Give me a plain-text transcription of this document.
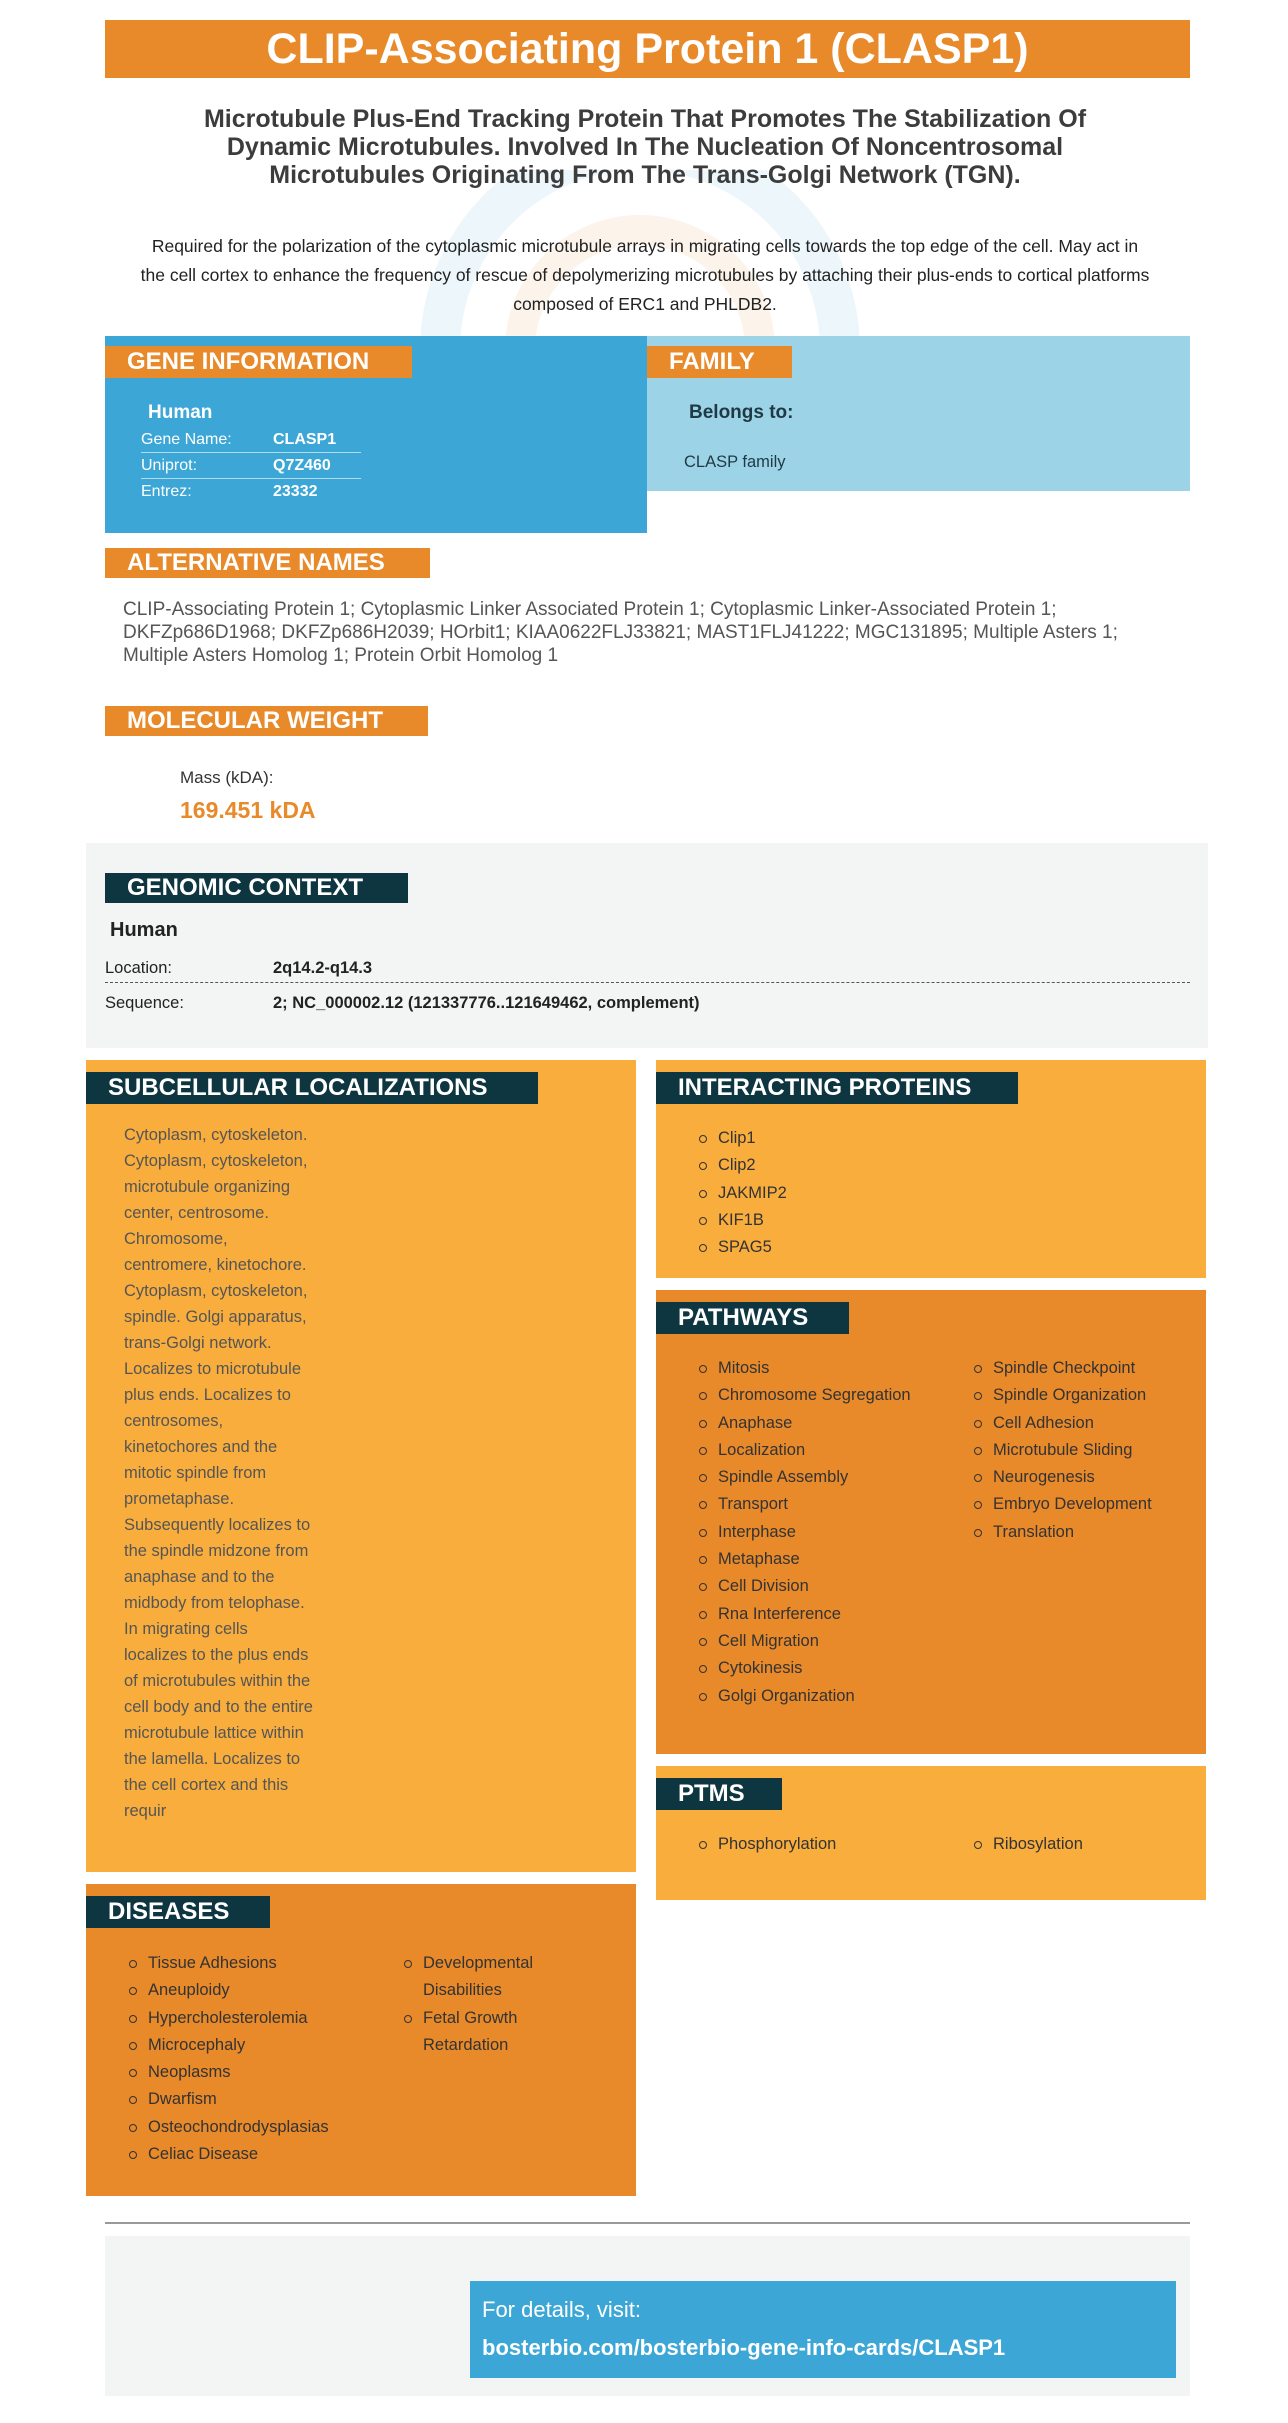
CLIP-Associating Protein 1 (CLASP1)
Microtubule Plus-End Tracking Protein That Promotes The Stabilization Of Dynamic Microtubules. Involved In The Nucleation Of Noncentrosomal Microtubules Originating From The Trans-Golgi Network (TGN).
Required for the polarization of the cytoplasmic microtubule arrays in migrating cells towards the top edge of the cell. May act in the cell cortex to enhance the frequency of rescue of depolymerizing microtubules by attaching their plus-ends to cortical platforms composed of ERC1 and PHLDB2.
GENE INFORMATION
Human
Gene Name:	CLASP1
Uniprot:	Q7Z460
Entrez:	23332
FAMILY
Belongs to:
CLASP family
ALTERNATIVE NAMES
CLIP-Associating Protein 1; Cytoplasmic Linker Associated Protein 1; Cytoplasmic Linker-Associated Protein 1; DKFZp686D1968; DKFZp686H2039; HOrbit1; KIAA0622FLJ33821; MAST1FLJ41222; MGC131895; Multiple Asters 1; Multiple Asters Homolog 1; Protein Orbit Homolog 1
MOLECULAR WEIGHT
Mass (kDA):
169.451 kDA
GENOMIC CONTEXT
Human
Location:	2q14.2-q14.3
Sequence:	2; NC_000002.12 (121337776..121649462, complement)
SUBCELLULAR LOCALIZATIONS
Cytoplasm, cytoskeleton.
Cytoplasm, cytoskeleton,
microtubule organizing
center, centrosome.
Chromosome,
centromere, kinetochore.
Cytoplasm, cytoskeleton,
spindle. Golgi apparatus,
trans-Golgi network.
Localizes to microtubule
plus ends. Localizes to
centrosomes,
kinetochores and the
mitotic spindle from
prometaphase.
Subsequently localizes to
the spindle midzone from
anaphase and to the
midbody from telophase.
In migrating cells
localizes to the plus ends
of microtubules within the
cell body and to the entire
microtubule lattice within
the lamella. Localizes to
the cell cortex and this
requir
DISEASES
Tissue Adhesions
Aneuploidy
Hypercholesterolemia
Microcephaly
Neoplasms
Dwarfism
Osteochondrodysplasias
Celiac Disease
Developmental Disabilities
Fetal Growth Retardation
INTERACTING PROTEINS
Clip1
Clip2
JAKMIP2
KIF1B
SPAG5
PATHWAYS
Mitosis
Chromosome Segregation
Anaphase
Localization
Spindle Assembly
Transport
Interphase
Metaphase
Cell Division
Rna Interference
Cell Migration
Cytokinesis
Golgi Organization
Spindle Checkpoint
Spindle Organization
Cell Adhesion
Microtubule Sliding
Neurogenesis
Embryo Development
Translation
PTMS
Phosphorylation	Ribosylation
For details, visit:
bosterbio.com/bosterbio-gene-info-cards/CLASP1
